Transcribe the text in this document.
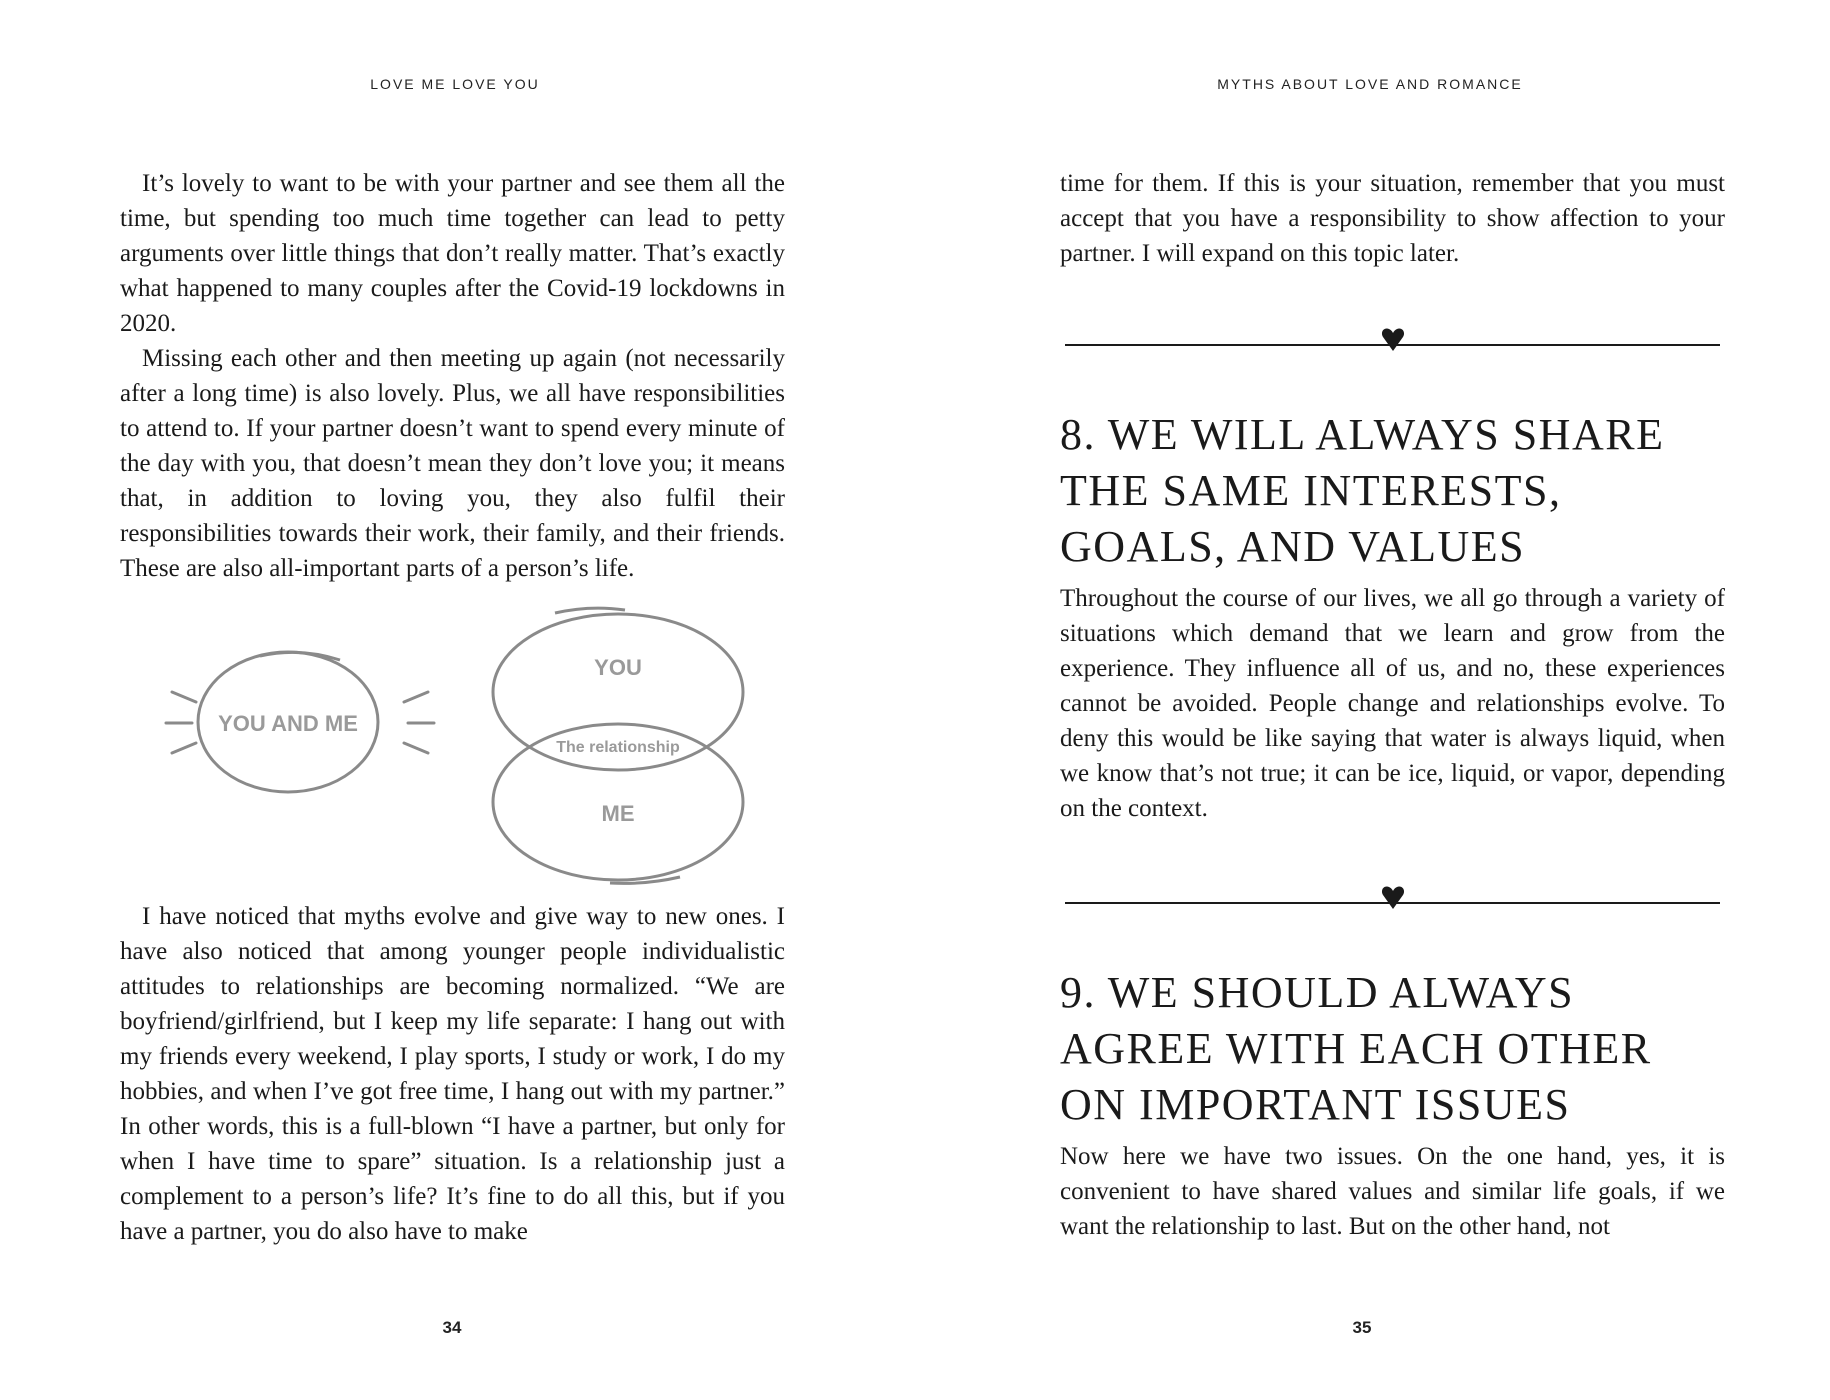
LOVE ME LOVE YOU

It’s lovely to want to be with your partner and see them all the time, but spending too much time together can lead to petty arguments over little things that don’t really matter. That’s exactly what happened to many couples after the Covid-19 lockdowns in 2020.

Missing each other and then meeting up again (not necessarily after a long time) is also lovely. Plus, we all have responsibilities to attend to. If your partner doesn’t want to spend every minute of the day with you, that doesn’t mean they don’t love you; it means that, in addition to loving you, they also fulfil their responsibilities towards their work, their family, and their friends. These are also all-important parts of a person’s life.

YOU AND ME
YOU
The relationship
ME

I have noticed that myths evolve and give way to new ones. I have also noticed that among younger people individualistic attitudes to relationships are becoming normalized. “We are boyfriend/girlfriend, but I keep my life separate: I hang out with my friends every weekend, I play sports, I study or work, I do my hobbies, and when I’ve got free time, I hang out with my partner.” In other words, this is a full-blown “I have a partner, but only for when I have time to spare” situation. Is a relationship just a complement to a person’s life? It’s fine to do all this, but if you have a partner, you do also have to make

34
MYTHS ABOUT LOVE AND ROMANCE

time for them. If this is your situation, remember that you must accept that you have a responsibility to show affection to your partner. I will expand on this topic later.

8. WE WILL ALWAYS SHARE THE SAME INTERESTS, GOALS, AND VALUES

Throughout the course of our lives, we all go through a variety of situations which demand that we learn and grow from the experience. They influence all of us, and no, these experiences cannot be avoided. People change and relationships evolve. To deny this would be like saying that water is always liquid, when we know that’s not true; it can be ice, liquid, or vapor, depending on the context.

9. WE SHOULD ALWAYS AGREE WITH EACH OTHER ON IMPORTANT ISSUES

Now here we have two issues. On the one hand, yes, it is convenient to have shared values and similar life goals, if we want the relationship to last. But on the other hand, not

35
